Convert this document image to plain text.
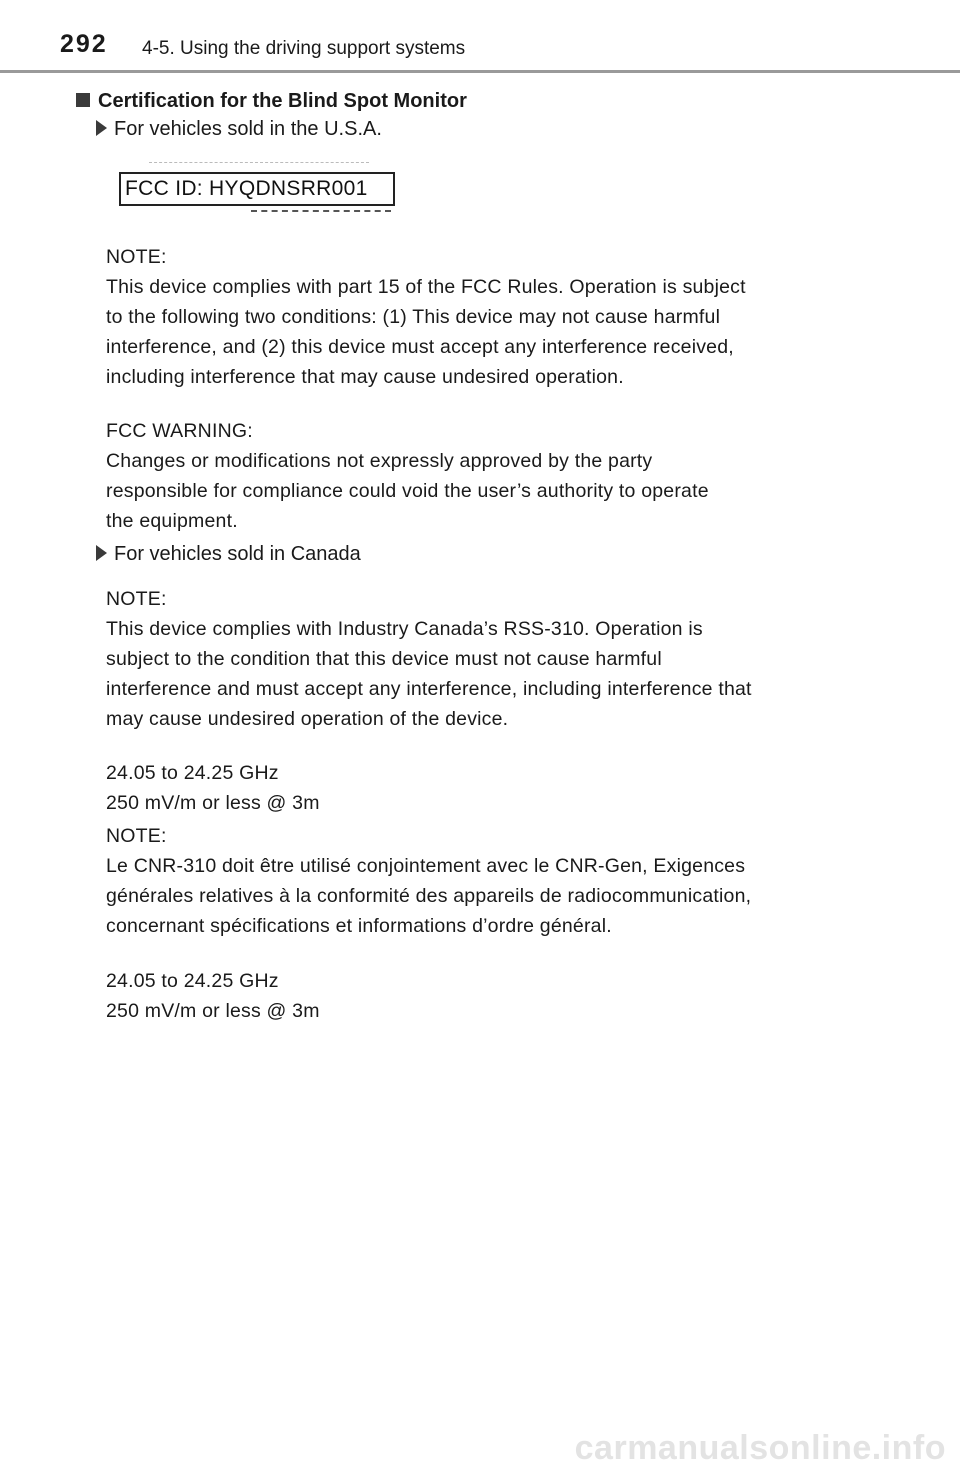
292 4-5. Using the driving support systems
Certification for the Blind Spot Monitor
For vehicles sold in the U.S.A.
FCC ID: HYQDNSRR001
NOTE:
This device complies with part 15 of the FCC Rules. Operation is subject
to the following two conditions: (1) This device may not cause harmful
interference, and (2) this device must accept any interference received,
including interference that may cause undesired operation.
FCC WARNING:
Changes or modifications not expressly approved by the party
responsible for compliance could void the user’s authority to operate
the equipment.
For vehicles sold in Canada
NOTE:
This device complies with Industry Canada’s RSS-310. Operation is
subject to the condition that this device must not cause harmful
interference and must accept any interference, including interference that
may cause undesired operation of the device.
24.05 to 24.25 GHz
250 mV/m or less @ 3m
NOTE:
Le CNR-310 doit être utilisé conjointement avec le CNR-Gen, Exigences
générales relatives à la conformité des appareils de radiocommunication,
concernant spécifications et informations d’ordre général.
24.05 to 24.25 GHz
250 mV/m or less @ 3m
carmanualsonline.info
